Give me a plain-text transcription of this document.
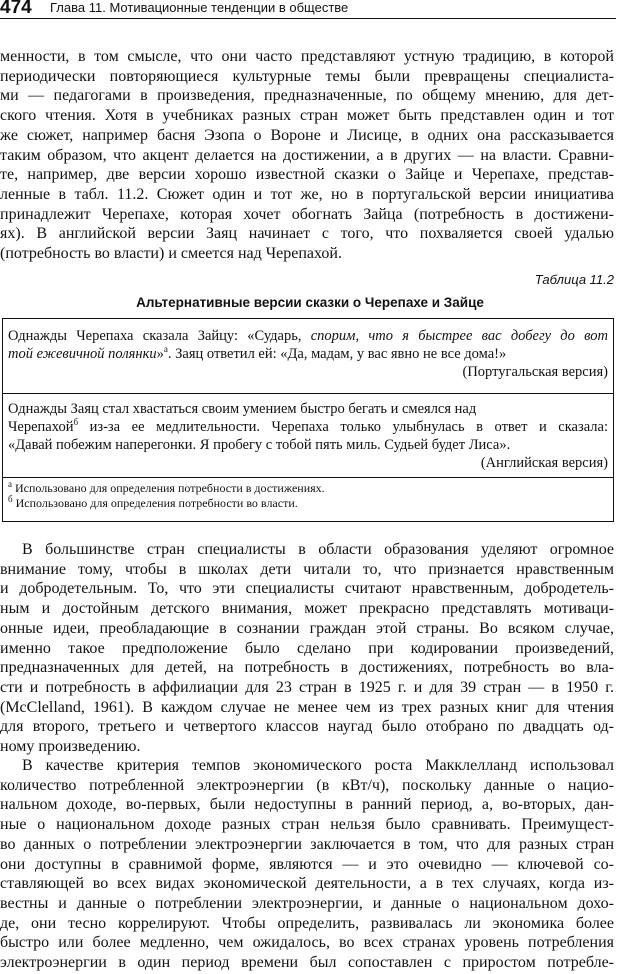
474 Глава 11. Мотивационные тенденции в обществе
менности, в том смысле, что они часто представляют устную традицию, в которой
периодически повторяющиеся культурные темы были превращены специалиста-
ми — педагогами в произведения, предназначенные, по общему мнению, для дет-
ского чтения. Хотя в учебниках разных стран может быть представлен один и тот
же сюжет, например басня Эзопа о Вороне и Лисице, в одних она рассказывается
таким образом, что акцент делается на достижении, а в других — на власти. Сравни-
те, например, две версии хорошо известной сказки о Зайце и Черепахе, представ-
ленные в табл. 11.2. Сюжет один и тот же, но в португальской версии инициатива
принадлежит Черепахе, которая хочет обогнать Зайца (потребность в достижени-
ях). В английской версии Заяц начинает с того, что похваляется своей удалью
(потребность во власти) и смеется над Черепахой.
Таблица 11.2
Альтернативные версии сказки о Черепахе и Зайце
Однажды Черепаха сказала Зайцу: «Сударь, спорим, что я быстрее вас добегу до вот
той ежевичной полянки»$^а$. Заяц ответил ей: «Да, мадам, у вас явно не все дома!»
(Португальская версия)
Однажды Заяц стал хвастаться своим умением быстро бегать и смеялся над
Черепахой$^б$ из-за ее медлительности. Черепаха только улыбнулась в ответ и сказала:
«Давай побежим наперегонки. Я пробегу с тобой пять миль. Судьей будет Лиса».
(Английская версия)
$^а$ Использовано для определения потребности в достижениях.
$^б$ Использовано для определения потребности во власти.
В большинстве стран специалисты в области образования уделяют огромное
внимание тому, чтобы в школах дети читали то, что признается нравственным
и добродетельным. То, что эти специалисты считают нравственным, добродетель-
ным и достойным детского внимания, может прекрасно представлять мотиваци-
онные идеи, преобладающие в сознании граждан этой страны. Во всяком случае,
именно такое предположение было сделано при кодировании произведений,
предназначенных для детей, на потребность в достижениях, потребность во вла-
сти и потребность в аффилиации для 23 стран в 1925 г. и для 39 стран — в 1950 г.
(McClelland, 1961). В каждом случае не менее чем из трех разных книг для чтения
для второго, третьего и четвертого классов наугад было отобрано по двадцать од-
ному произведению.
В качестве критерия темпов экономического роста Макклелланд использовал
количество потребленной электроэнергии (в кВт/ч), поскольку данные о нацио-
нальном доходе, во-первых, были недоступны в ранний период, а, во-вторых, дан-
ные о национальном доходе разных стран нельзя было сравнивать. Преимущест-
во данных о потреблении электроэнергии заключается в том, что для разных стран
они доступны в сравнимой форме, являются — и это очевидно — ключевой со-
ставляющей во всех видах экономической деятельности, а в тех случаях, когда из-
вестны и данные о потреблении электроэнергии, и данные о национальном дохо-
де, они тесно коррелируют. Чтобы определить, развивалась ли экономика более
быстро или более медленно, чем ожидалось, во всех странах уровень потребления
электроэнергии в один период времени был сопоставлен с приростом потребле-
